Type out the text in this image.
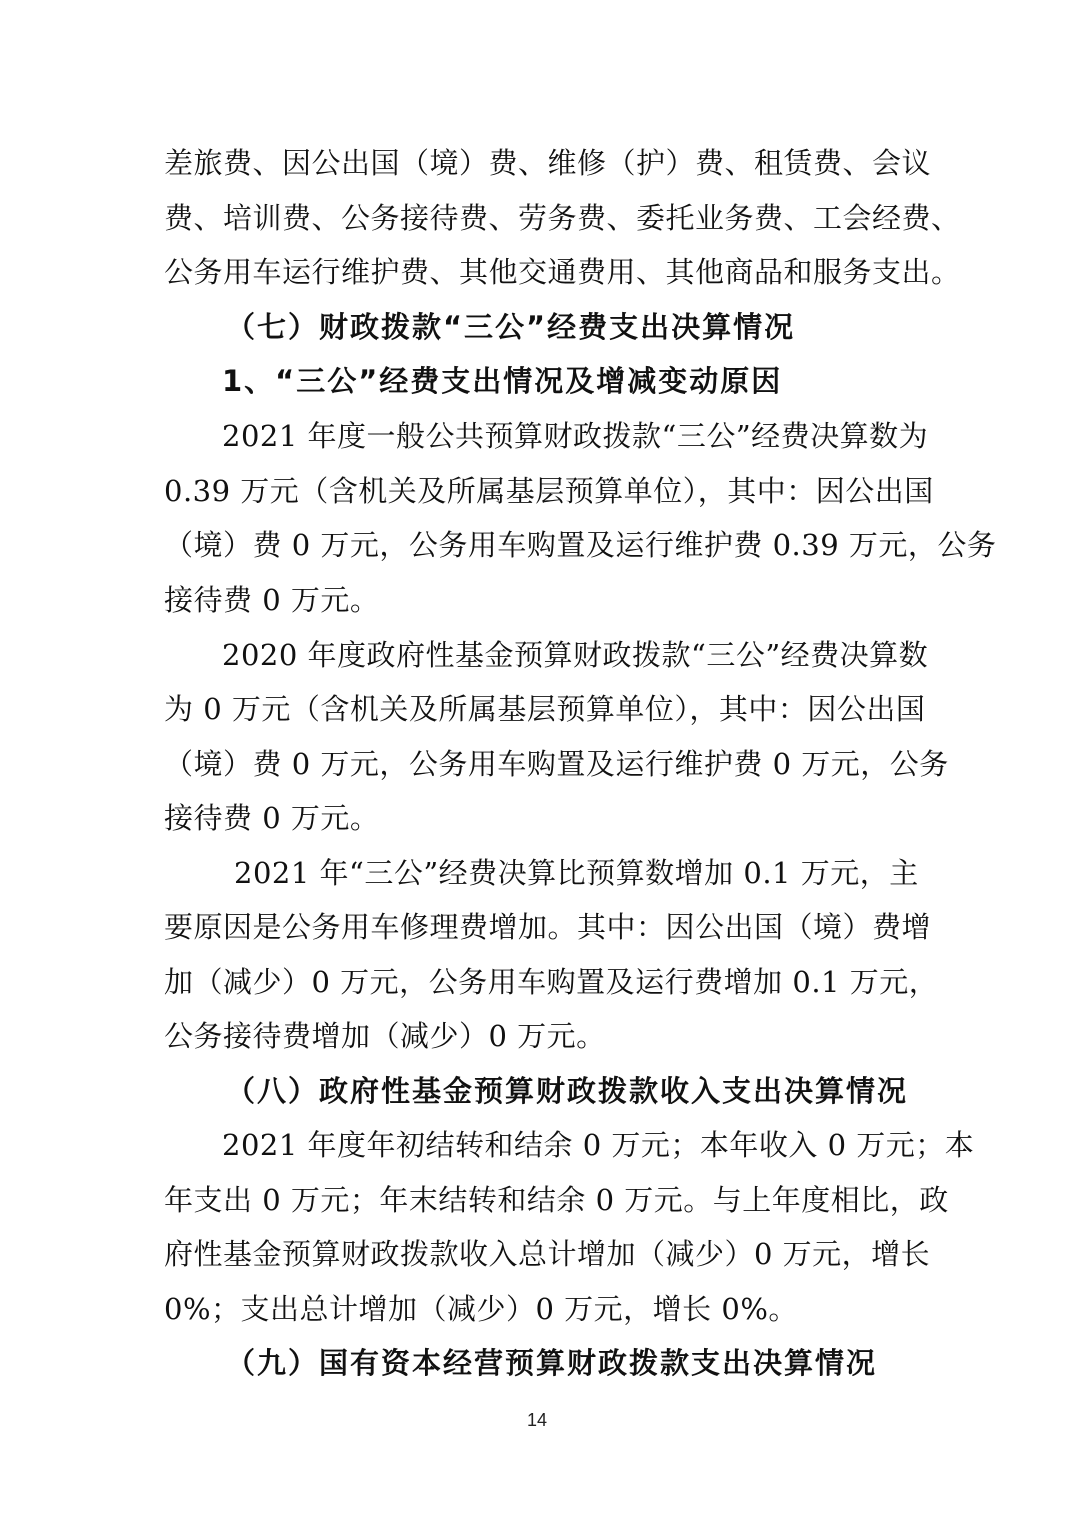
差旅费、因公出国（境）费、维修（护）费、租赁费、会议
费、培训费、公务接待费、劳务费、委托业务费、工会经费、
公务用车运行维护费、其他交通费用、其他商品和服务支出。
（七）财政拨款“三公”经费支出决算情况
1、“三公”经费支出情况及增减变动原因
2021 年度一般公共预算财政拨款“三公”经费决算数为
0.39 万元（含机关及所属基层预算单位），其中：因公出国
（境）费 0 万元，公务用车购置及运行维护费 0.39 万元，公务
接待费 0 万元。
2020 年度政府性基金预算财政拨款“三公”经费决算数
为 0 万元（含机关及所属基层预算单位），其中：因公出国
（境）费 0 万元，公务用车购置及运行维护费 0 万元，公务
接待费 0 万元。
2021 年“三公”经费决算比预算数增加 0.1 万元，主
要原因是公务用车修理费增加。其中：因公出国（境）费增
加（减少）0 万元，公务用车购置及运行费增加 0.1 万元，
公务接待费增加（减少）0 万元。
（八）政府性基金预算财政拨款收入支出决算情况
2021 年度年初结转和结余 0 万元；本年收入 0 万元；本
年支出 0 万元；年末结转和结余 0 万元。与上年度相比，政
府性基金预算财政拨款收入总计增加（减少）0 万元，增长
0%；支出总计增加（减少）0 万元，增长 0%。
（九）国有资本经营预算财政拨款支出决算情况
14
